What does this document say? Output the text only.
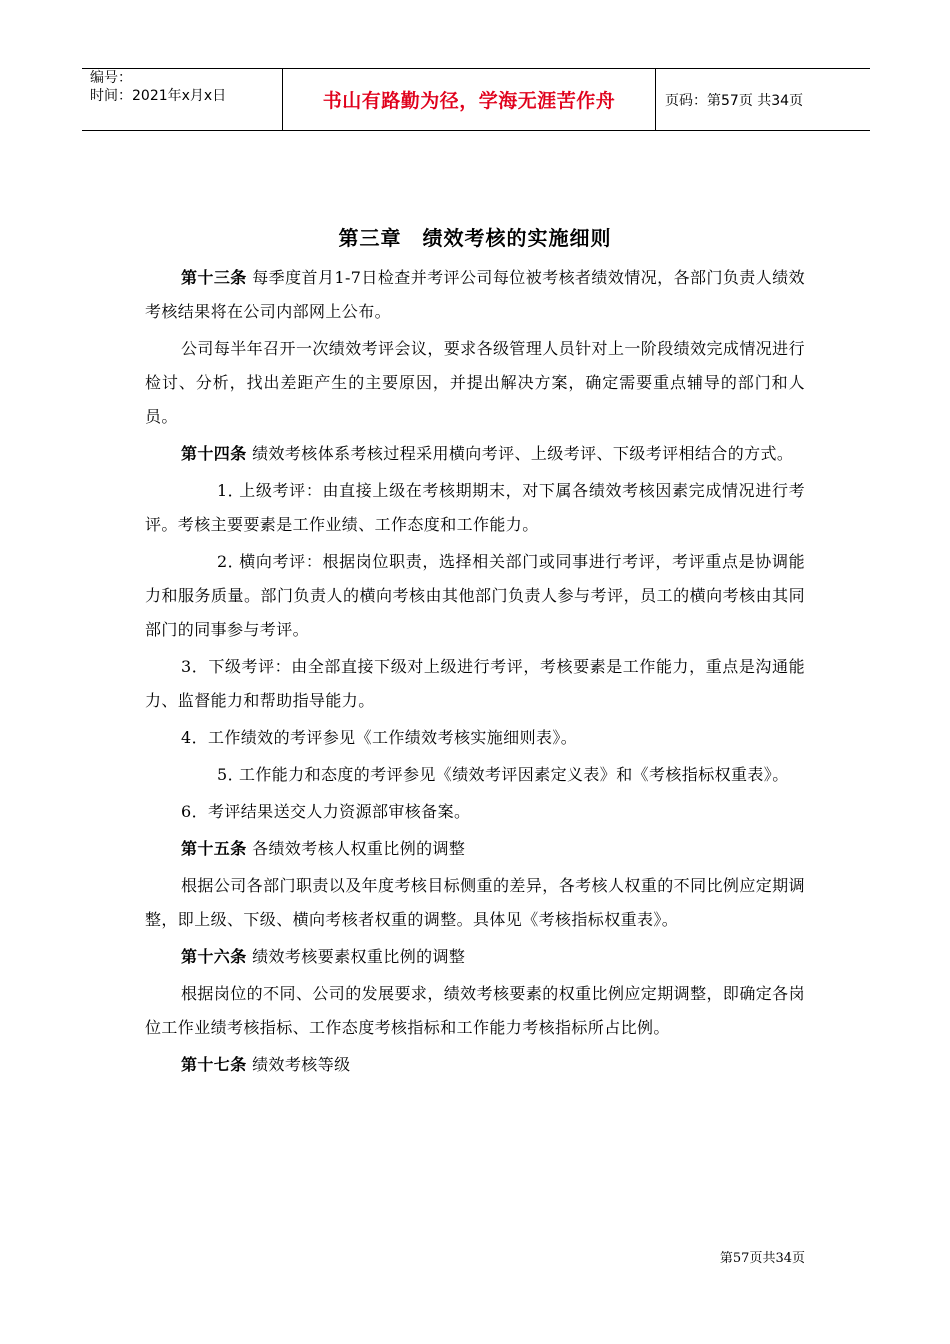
编号：
时间：2021年x月x日	书山有路勤为径，学海无涯苦作舟	页码：第57页 共34页
第三章　绩效考核的实施细则

第十三条 每季度首月1-7日检查并考评公司每位被考核者绩效情况，各部门负责人绩效考核结果将在公司内部网上公布。

公司每半年召开一次绩效考评会议，要求各级管理人员针对上一阶段绩效完成情况进行检讨、分析，找出差距产生的主要原因，并提出解决方案，确定需要重点辅导的部门和人员。

第十四条 绩效考核体系考核过程采用横向考评、上级考评、下级考评相结合的方式。

1．上级考评：由直接上级在考核期期末，对下属各绩效考核因素完成情况进行考评。考核主要要素是工作业绩、工作态度和工作能力。

2．横向考评：根据岗位职责，选择相关部门或同事进行考评，考评重点是协调能力和服务质量。部门负责人的横向考核由其他部门负责人参与考评，员工的横向考核由其同部门的同事参与考评。

3．下级考评：由全部直接下级对上级进行考评，考核要素是工作能力，重点是沟通能力、监督能力和帮助指导能力。

4．工作绩效的考评参见《工作绩效考核实施细则表》。

5．工作能力和态度的考评参见《绩效考评因素定义表》和《考核指标权重表》。

6．考评结果送交人力资源部审核备案。

第十五条 各绩效考核人权重比例的调整

根据公司各部门职责以及年度考核目标侧重的差异，各考核人权重的不同比例应定期调整，即上级、下级、横向考核者权重的调整。具体见《考核指标权重表》。

第十六条 绩效考核要素权重比例的调整

根据岗位的不同、公司的发展要求，绩效考核要素的权重比例应定期调整，即确定各岗位工作业绩考核指标、工作态度考核指标和工作能力考核指标所占比例。

第十七条 绩效考核等级

第57页共34页
